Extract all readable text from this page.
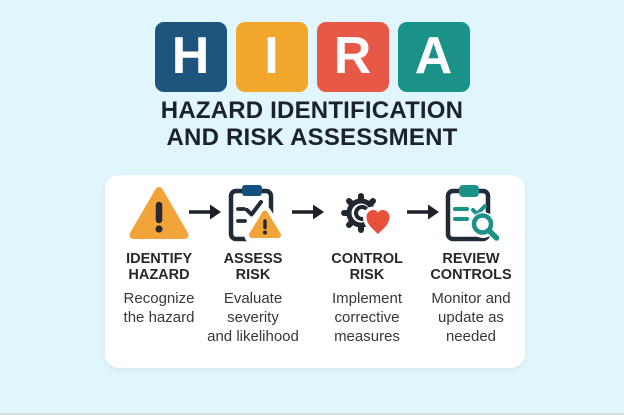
H	I	R A
HAZARD IDENTIFICATION
AND RISK ASSESSMENT
IDENTIFY HAZARD
Recognize
the hazard
ASSESS RISK
Evaluate
severity
and likelihood
CONTROL RISK
Implement
corrective
measures
REVIEW CONTROLS
Monitor and
update as
needed
